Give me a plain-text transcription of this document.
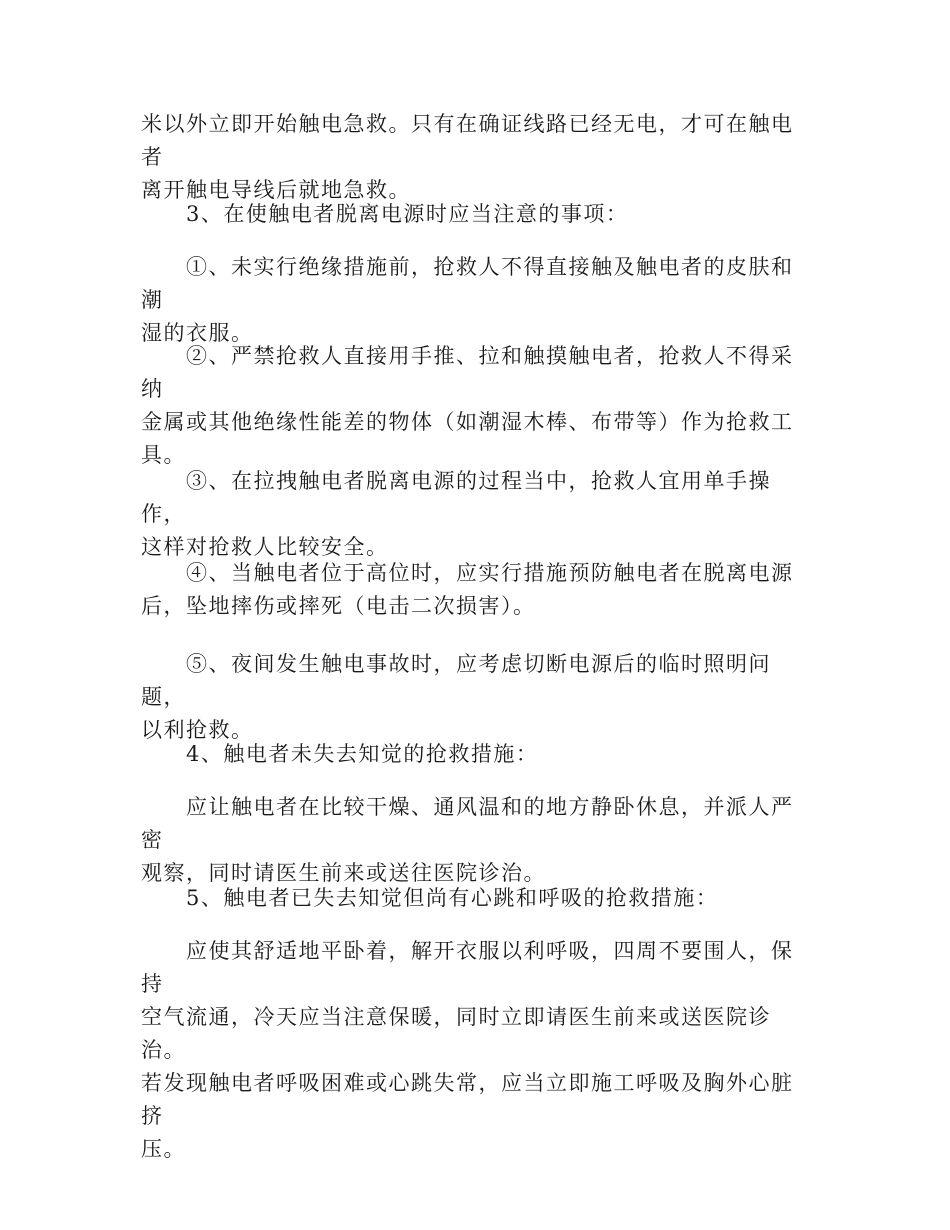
米以外立即开始触电急救。只有在确证线路已经无电，才可在触电者
离开触电导线后就地急救。
　　3、在使触电者脱离电源时应当注意的事项：
　　①、未实行绝缘措施前，抢救人不得直接触及触电者的皮肤和潮
湿的衣服。
　　②、严禁抢救人直接用手推、拉和触摸触电者，抢救人不得采纳
金属或其他绝缘性能差的物体（如潮湿木棒、布带等）作为抢救工
具。
　　③、在拉拽触电者脱离电源的过程当中，抢救人宜用单手操作，
这样对抢救人比较安全。
　　④、当触电者位于高位时，应实行措施预防触电者在脱离电源
后，坠地摔伤或摔死（电击二次损害）。
　　⑤、夜间发生触电事故时，应考虑切断电源后的临时照明问题，
以利抢救。
　　4、触电者未失去知觉的抢救措施：
　　应让触电者在比较干燥、通风温和的地方静卧休息，并派人严密
观察，同时请医生前来或送往医院诊治。
　　5、触电者已失去知觉但尚有心跳和呼吸的抢救措施：
　　应使其舒适地平卧着，解开衣服以利呼吸，四周不要围人，保持
空气流通，冷天应当注意保暖，同时立即请医生前来或送医院诊治。
若发现触电者呼吸困难或心跳失常，应当立即施工呼吸及胸外心脏挤
压。
